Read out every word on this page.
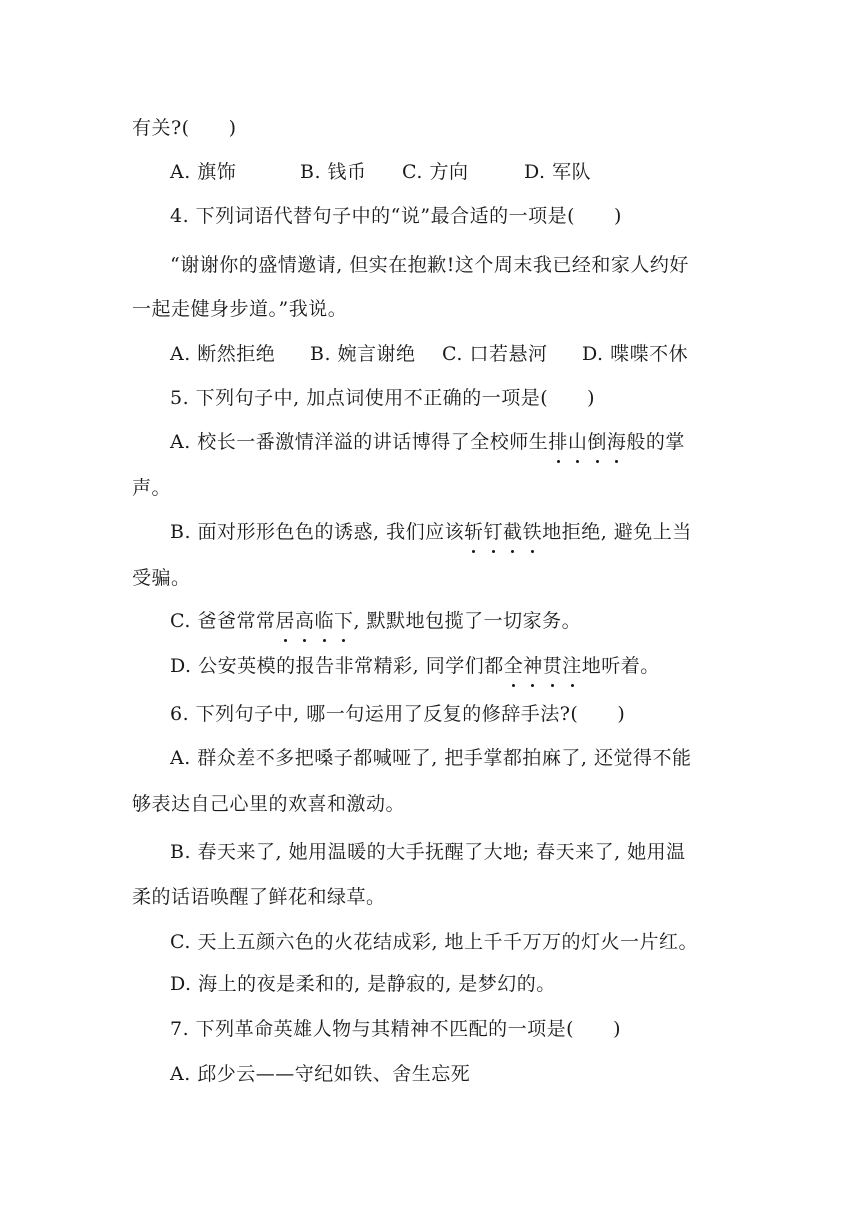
有关?(　　)
A. 旗饰	B. 钱币 C. 方向	D. 军队
4. 下列词语代替句子中的“说”最合适的一项是(　　)
“谢谢你的盛情邀请, 但实在抱歉!这个周末我已经和家人约好
一起走健身步道。”我说。
A. 断然拒绝 B. 婉言谢绝 C. 口若悬河 D. 喋喋不休
5. 下列句子中, 加点词使用不正确的一项是(　　)
A. 校长一番激情洋溢的讲话博得了全校师生排山倒海般的掌
声。
B. 面对形形色色的诱惑, 我们应该斩钉截铁地拒绝, 避免上当
受骗。
C. 爸爸常常居高临下, 默默地包揽了一切家务。
D. 公安英模的报告非常精彩, 同学们都全神贯注地听着。
6. 下列句子中, 哪一句运用了反复的修辞手法?(　　)
A. 群众差不多把嗓子都喊哑了, 把手掌都拍麻了, 还觉得不能
够表达自己心里的欢喜和激动。
B. 春天来了, 她用温暖的大手抚醒了大地; 春天来了, 她用温
柔的话语唤醒了鲜花和绿草。
C. 天上五颜六色的火花结成彩, 地上千千万万的灯火一片红。
D. 海上的夜是柔和的, 是静寂的, 是梦幻的。
7. 下列革命英雄人物与其精神不匹配的一项是(　　)
A. 邱少云——守纪如铁、舍生忘死
